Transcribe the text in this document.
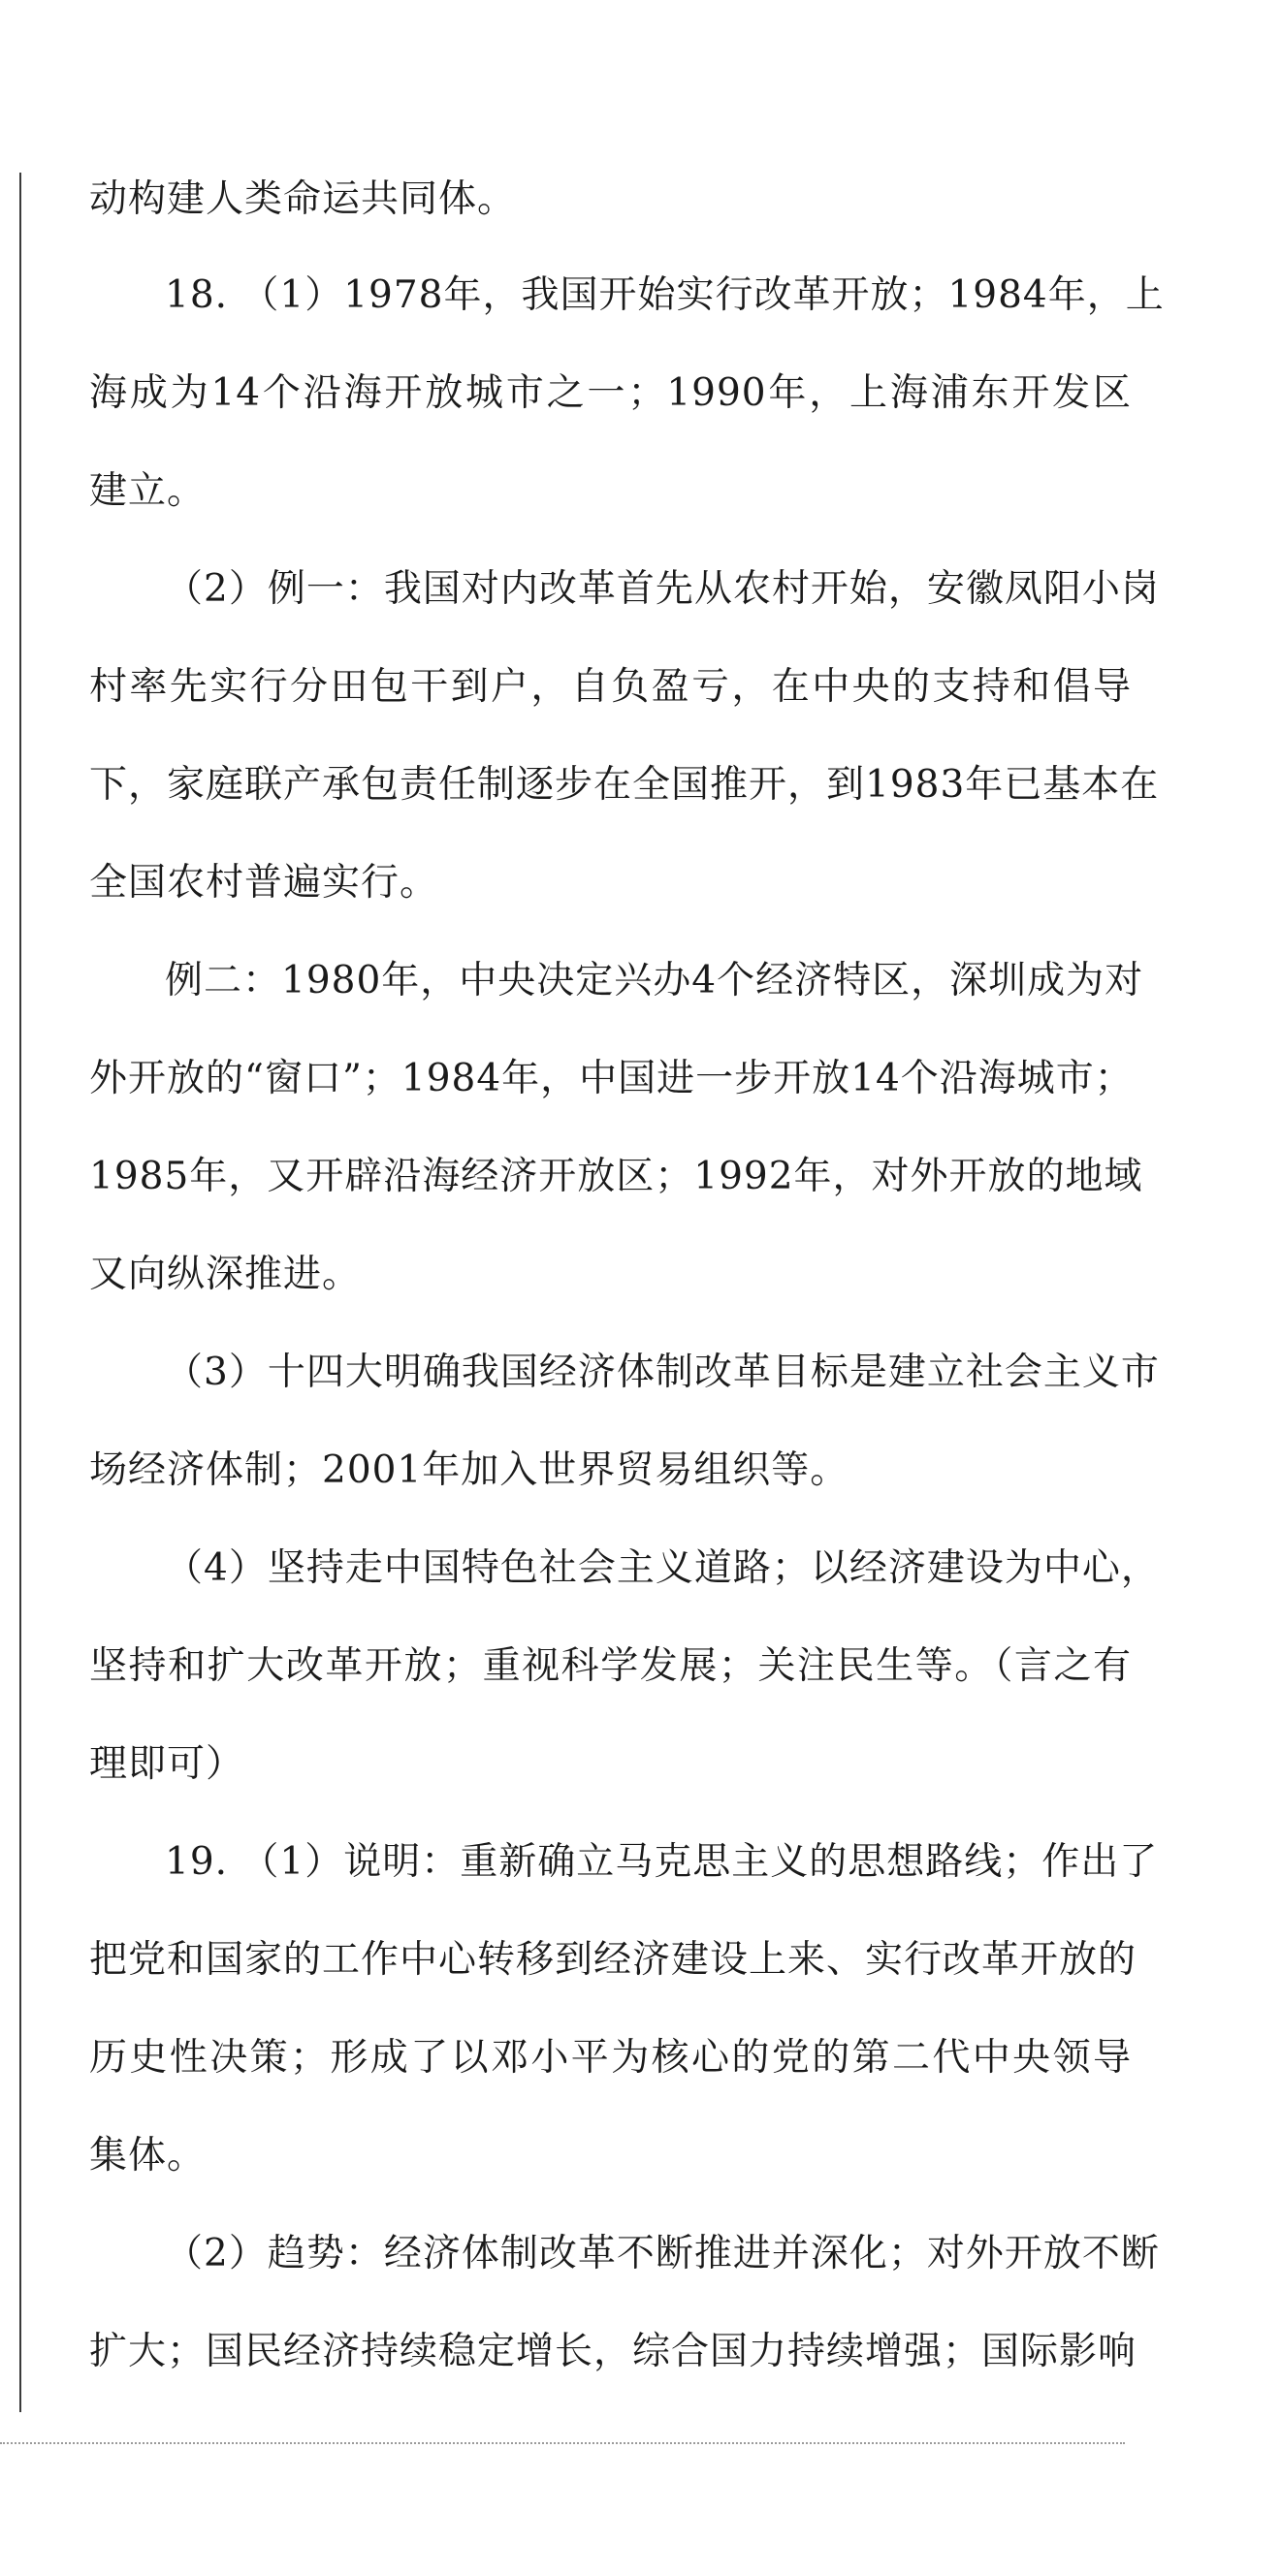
动构建人类命运共同体。
18. （1）1978年，我国开始实行改革开放；1984年，上
海成为14个沿海开放城市之一；1990年，上海浦东开发区
建立。
（2）例一：我国对内改革首先从农村开始，安徽凤阳小岗
村率先实行分田包干到户，自负盈亏，在中央的支持和倡导
下，家庭联产承包责任制逐步在全国推开，到1983年已基本在
全国农村普遍实行。
例二：1980年，中央决定兴办4个经济特区，深圳成为对
外开放的“窗口”；1984年，中国进一步开放14个沿海城市；
1985年，又开辟沿海经济开放区；1992年，对外开放的地域
又向纵深推进。
（3）十四大明确我国经济体制改革目标是建立社会主义市
场经济体制；2001年加入世界贸易组织等。
（4）坚持走中国特色社会主义道路；以经济建设为中心，
坚持和扩大改革开放；重视科学发展；关注民生等。（言之有
理即可）
19. （1）说明：重新确立马克思主义的思想路线；作出了
把党和国家的工作中心转移到经济建设上来、实行改革开放的
历史性决策；形成了以邓小平为核心的党的第二代中央领导
集体。
（2）趋势：经济体制改革不断推进并深化；对外开放不断
扩大；国民经济持续稳定增长，综合国力持续增强；国际影响
